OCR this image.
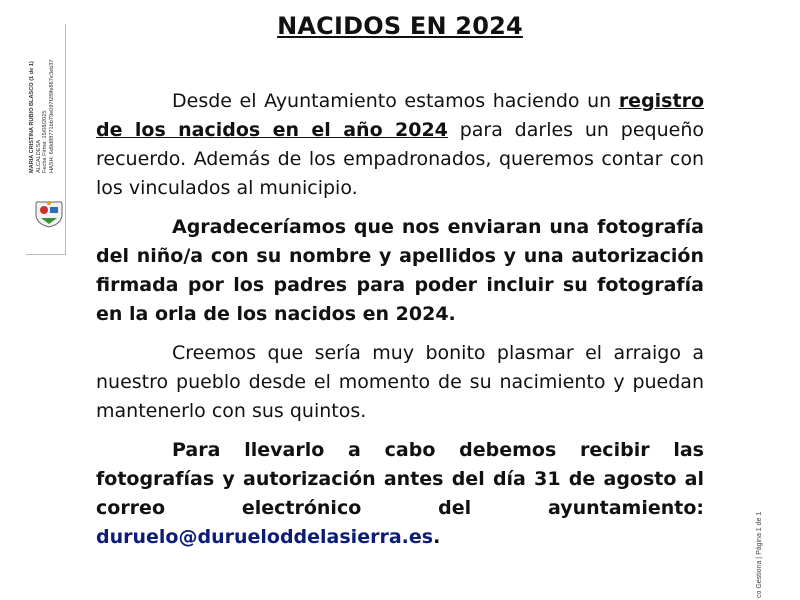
MARIA CRISTINA RUBIO BLASCO (1 de 1) ALCALDESA Fecha Firma: 15/08/2025 HASH: 6d9d88771bb79e097f2f9fe867e3eb37
NACIDOS EN 2024

Desde el Ayuntamiento estamos haciendo un registro de los nacidos en el año 2024 para darles un pequeño recuerdo. Además de los empadronados, queremos contar con los vinculados al municipio.

Agradeceríamos que nos enviaran una fotografía del niño/a con su nombre y apellidos y una autorización firmada por los padres para poder incluir su fotografía en la orla de los nacidos en 2024.

Creemos que sería muy bonito plasmar el arraigo a nuestro pueblo desde el momento de su nacimiento y puedan mantenerlo con sus quintos.

Para llevarlo a cabo debemos recibir las fotografías y autorización antes del día 31 de agosto al correo electrónico del ayuntamiento: duruelo@durueloddelasierra.es.	co Gestiona | Página 1 de 1
